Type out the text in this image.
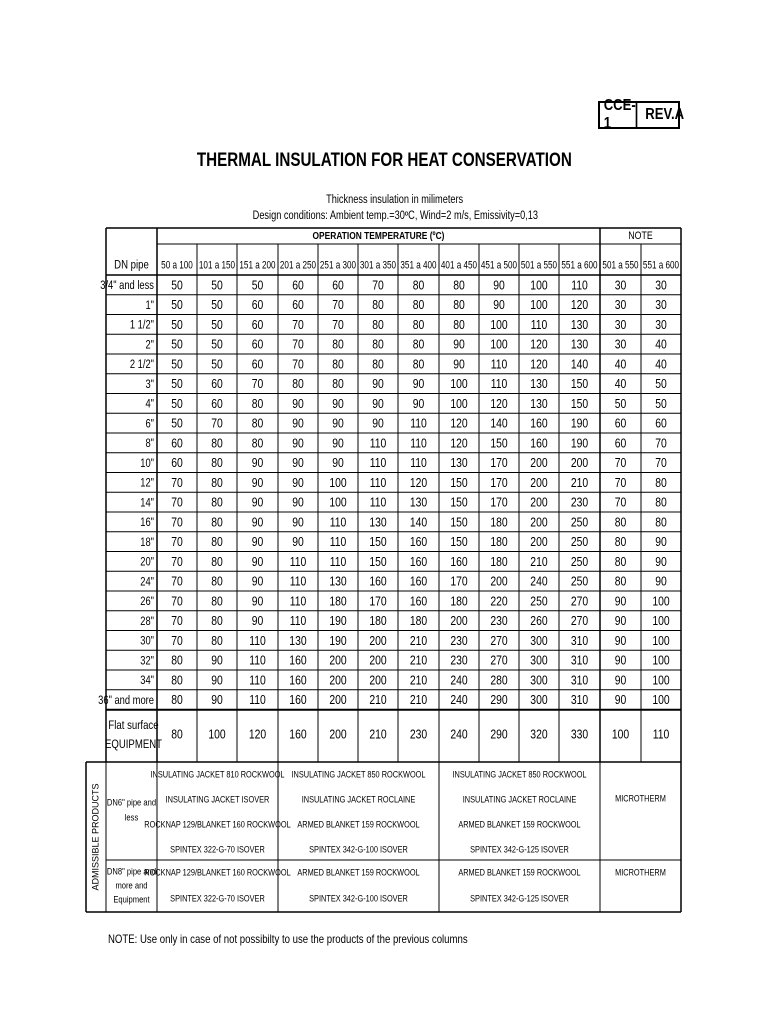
CCE-1
REV.A
THERMAL INSULATION FOR HEAT CONSERVATION
Thickness insulation in milimeters
Design conditions: Ambient temp.=30ºC, Wind=2 m/s, Emissivity=0,13
OPERATION TEMPERATURE (ºC)	NOTE
DN pipe 50 a 100 101 a 150 151 a 200 201 a 250 251 a 300 301 a 350 351 a 400 401 a 450 451 a 500 501 a 550 551 a 600 501 a 550 551 a 600
3/4" and less 50 50 50 60 60 70 80 80 90 100 110 30 30
1" 50 50 60 60 70 80 80 80 90 100 120 30 30
1 1/2" 50 50 60 70 70 80 80 80 100 110 130 30 30
2" 50 50 60 70 80 80 80 90 100 120 130 30 40
2 1/2" 50 50 60 70 80 80 80 90 110 120 140 40 40
3" 50 60 70 80 80 90 90 100 110 130 150 40 50
4" 50 60 80 90 90 90 90 100 120 130 150 50 50
6" 50 70 80 90 90 90 110 120 140 160 190 60 60
8" 60 80 80 90 90 110 110 120 150 160 190 60 70
10" 60 80 90 90 90 110 110 130 170 200 200 70 70
12" 70 80 90 90 100 110 120 150 170 200 210 70 80
14" 70 80 90 90 100 110 130 150 170 200 230 70 80
16" 70 80 90 90 110 130 140 150 180 200 250 80 80
18" 70 80 90 90 110 150 160 150 180 200 250 80 90
20" 70 80 90 110 110 150 160 160 180 210 250 80 90
24" 70 80 90 110 130 160 160 170 200 240 250 80 90
26" 70 80 90 110 180 170 160 180 220 250 270 90 100
28" 70 80 90 110 190 180 180 200 230 260 270 90 100
30" 70 80 110 130 190 200 210 230 270 300 310 90 100
32" 80 90 110 160 200 200 210 230 270 300 310 90 100
34" 80 90 110 160 200 200 210 240 280 300 310 90 100
36" and more 80 90 110 160 200 210 210 240 290 300 310 90 100
Flat surface
EQUIPMENT
80 100 120 160 200 210 230 240 290 320 330 100 110
ADMISSIBLE PRODUCTS DN6" pipe and
less
INSULATING JACKET 810 ROCKWOOL
INSULATING JACKET ISOVER
ROCKNAP 129/BLANKET 160 ROCKWOOL
SPINTEX 322-G-70 ISOVER
INSULATING JACKET 850 ROCKWOOL
INSULATING JACKET ROCLAINE
ARMED BLANKET 159 ROCKWOOL
SPINTEX 342-G-100 ISOVER
INSULATING JACKET 850 ROCKWOOL
INSULATING JACKET ROCLAINE
ARMED BLANKET 159 ROCKWOOL
SPINTEX 342-G-125 ISOVER
MICROTHERM
DN8" pipe and
more and
Equipment
ROCKNAP 129/BLANKET 160 ROCKWOOL
SPINTEX 322-G-70 ISOVER
ARMED BLANKET 159 ROCKWOOL
SPINTEX 342-G-100 ISOVER
ARMED BLANKET 159 ROCKWOOL
SPINTEX 342-G-125 ISOVER
MICROTHERM
NOTE: Use only in case of not possibilty to use the products of the previous columns
